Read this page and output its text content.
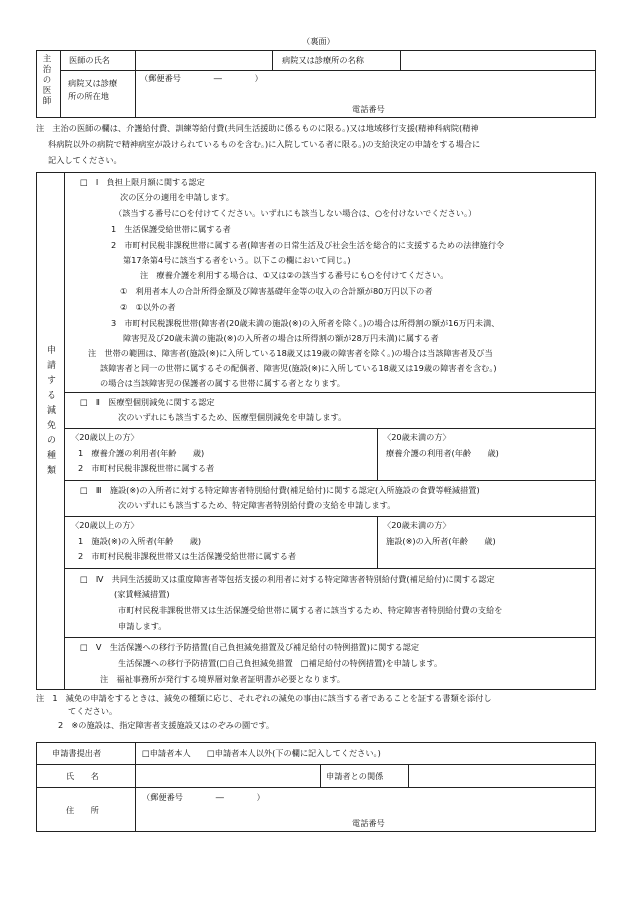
（裏面）
主治の医師 医師の氏名	病院又は診療所の名称
病院又は診療
所の所在地
（郵便番号　　　　―　　　　）
電話番号
注　主治の医師の欄は、介護給付費、訓練等給付費(共同生活援助に係るものに限る。)又は地域移行支援(精神科病院(精神
科病院以外の病院で精神病室が設けられているものを含む。)に入院している者に限る。)の支給決定の申請をする場合に
記入してください。
申請する減免の種類
□　Ⅰ　負担上限月額に関する認定
次の区分の適用を申請します。
（該当する番号に○を付けてください。いずれにも該当しない場合は、○を付けないでください。）
1　生活保護受給世帯に属する者
2　市町村民税非課税世帯に属する者(障害者の日常生活及び社会生活を総合的に支援するための法律施行令
第17条第4号に該当する者をいう。以下この欄において同じ。)
注　療養介護を利用する場合は、①又は②の該当する番号にも○を付けてください。
①　利用者本人の合計所得金額及び障害基礎年金等の収入の合計額が80万円以下の者
②　①以外の者
3　市町村民税課税世帯(障害者(20歳未満の施設(※)の入所者を除く。)の場合は所得割の額が16万円未満、
障害児及び20歳未満の施設(※)の入所者の場合は所得割の額が28万円未満)に属する者
注　世帯の範囲は、障害者(施設(※)に入所している18歳又は19歳の障害者を除く。)の場合は当該障害者及び当
該障害者と同一の世帯に属するその配偶者、障害児(施設(※)に入所している18歳又は19歳の障害者を含む。)
の場合は当該障害児の保護者の属する世帯に属する者となります。
□　Ⅱ　医療型個別減免に関する認定
次のいずれにも該当するため、医療型個別減免を申請します。
〈20歳以上の方〉
1　療養介護の利用者(年齢　　歳)
2　市町村民税非課税世帯に属する者
〈20歳未満の方〉
療養介護の利用者(年齢　　歳)
□　Ⅲ　施設(※)の入所者に対する特定障害者特別給付費(補足給付)に関する認定(入所施設の食費等軽減措置)
次のいずれにも該当するため、特定障害者特別給付費の支給を申請します。
〈20歳以上の方〉
1　施設(※)の入所者(年齢　　歳)
2　市町村民税非課税世帯又は生活保護受給世帯に属する者
〈20歳未満の方〉
施設(※)の入所者(年齢　　歳)
□　Ⅳ　共同生活援助又は重度障害者等包括支援の利用者に対する特定障害者特別給付費(補足給付)に関する認定
(家賃軽減措置)
市町村民税非課税世帯又は生活保護受給世帯に属する者に該当するため、特定障害者特別給付費の支給を
申請します。
□　Ⅴ　生活保護への移行予防措置(自己負担減免措置及び補足給付の特例措置)に関する認定
生活保護への移行予防措置(□自己負担減免措置　□補足給付の特例措置)を申請します。
注　福祉事務所が発行する境界層対象者証明書が必要となります。
注　1　減免の申請をするときは、減免の種類に応じ、それぞれの減免の事由に該当する者であることを証する書類を添付し
てください。
2　※の施設は、指定障害者支援施設又はのぞみの園です。
申請書提出者	□申請者本人　　□申請者本人以外(下の欄に記入してください。)
氏　　名	申請者との関係
住　　所
（郵便番号　　　　―　　　　）
電話番号
